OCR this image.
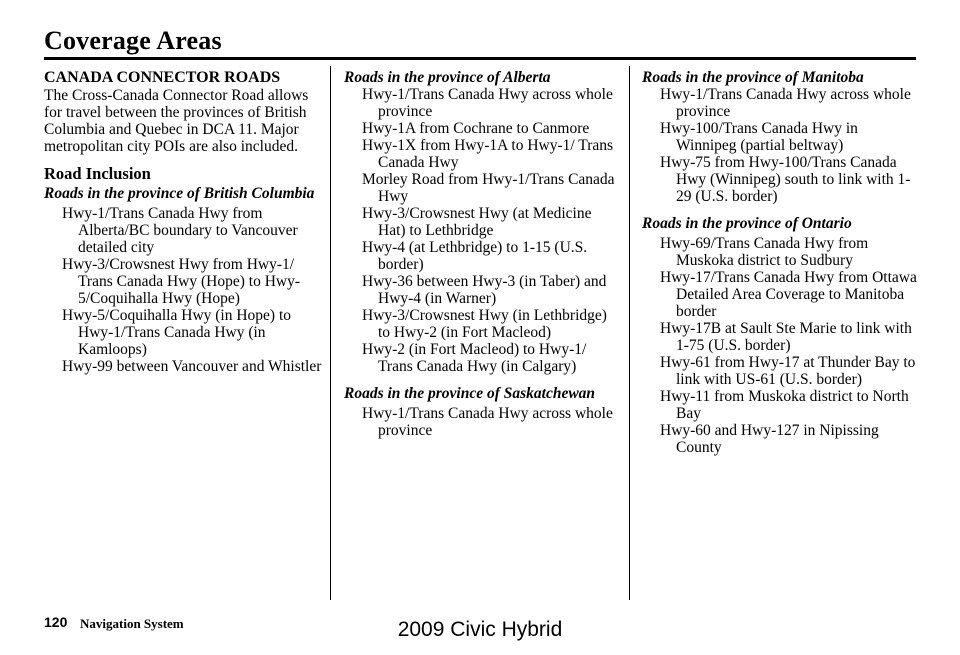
Coverage Areas

CANADA CONNECTOR ROADS

The Cross-Canada Connector Road allows for travel between the provinces of British Columbia and Quebec in DCA 11. Major metropolitan city POIs are also included.

Road Inclusion

Roads in the province of British Columbia

Hwy-1/Trans Canada Hwy from Alberta/BC boundary to Vancouver detailed city
Hwy-3/Crowsnest Hwy from Hwy-1/ Trans Canada Hwy (Hope) to Hwy-5/Coquihalla Hwy (Hope)
Hwy-5/Coquihalla Hwy (in Hope) to Hwy-1/Trans Canada Hwy (in Kamloops)
Hwy-99 between Vancouver and Whistler

Roads in the province of Alberta

Hwy-1/Trans Canada Hwy across whole province
Hwy-1A from Cochrane to Canmore
Hwy-1X from Hwy-1A to Hwy-1/ Trans Canada Hwy
Morley Road from Hwy-1/Trans Canada Hwy
Hwy-3/Crowsnest Hwy (at Medicine Hat) to Lethbridge
Hwy-4 (at Lethbridge) to 1-15 (U.S. border)
Hwy-36 between Hwy-3 (in Taber) and Hwy-4 (in Warner)
Hwy-3/Crowsnest Hwy (in Lethbridge) to Hwy-2 (in Fort Macleod)
Hwy-2 (in Fort Macleod) to Hwy-1/ Trans Canada Hwy (in Calgary)

Roads in the province of Saskatchewan

Hwy-1/Trans Canada Hwy across whole province

Roads in the province of Manitoba

Hwy-1/Trans Canada Hwy across whole province
Hwy-100/Trans Canada Hwy in Winnipeg (partial beltway)
Hwy-75 from Hwy-100/Trans Canada Hwy (Winnipeg) south to link with 1-29 (U.S. border)

Roads in the province of Ontario

Hwy-69/Trans Canada Hwy from Muskoka district to Sudbury
Hwy-17/Trans Canada Hwy from Ottawa Detailed Area Coverage to Manitoba border
Hwy-17B at Sault Ste Marie to link with 1-75 (U.S. border)
Hwy-61 from Hwy-17 at Thunder Bay to link with US-61 (U.S. border)
Hwy-11 from Muskoka district to North Bay
Hwy-60 and Hwy-127 in Nipissing County
120 Navigation System	2009 Civic Hybrid
